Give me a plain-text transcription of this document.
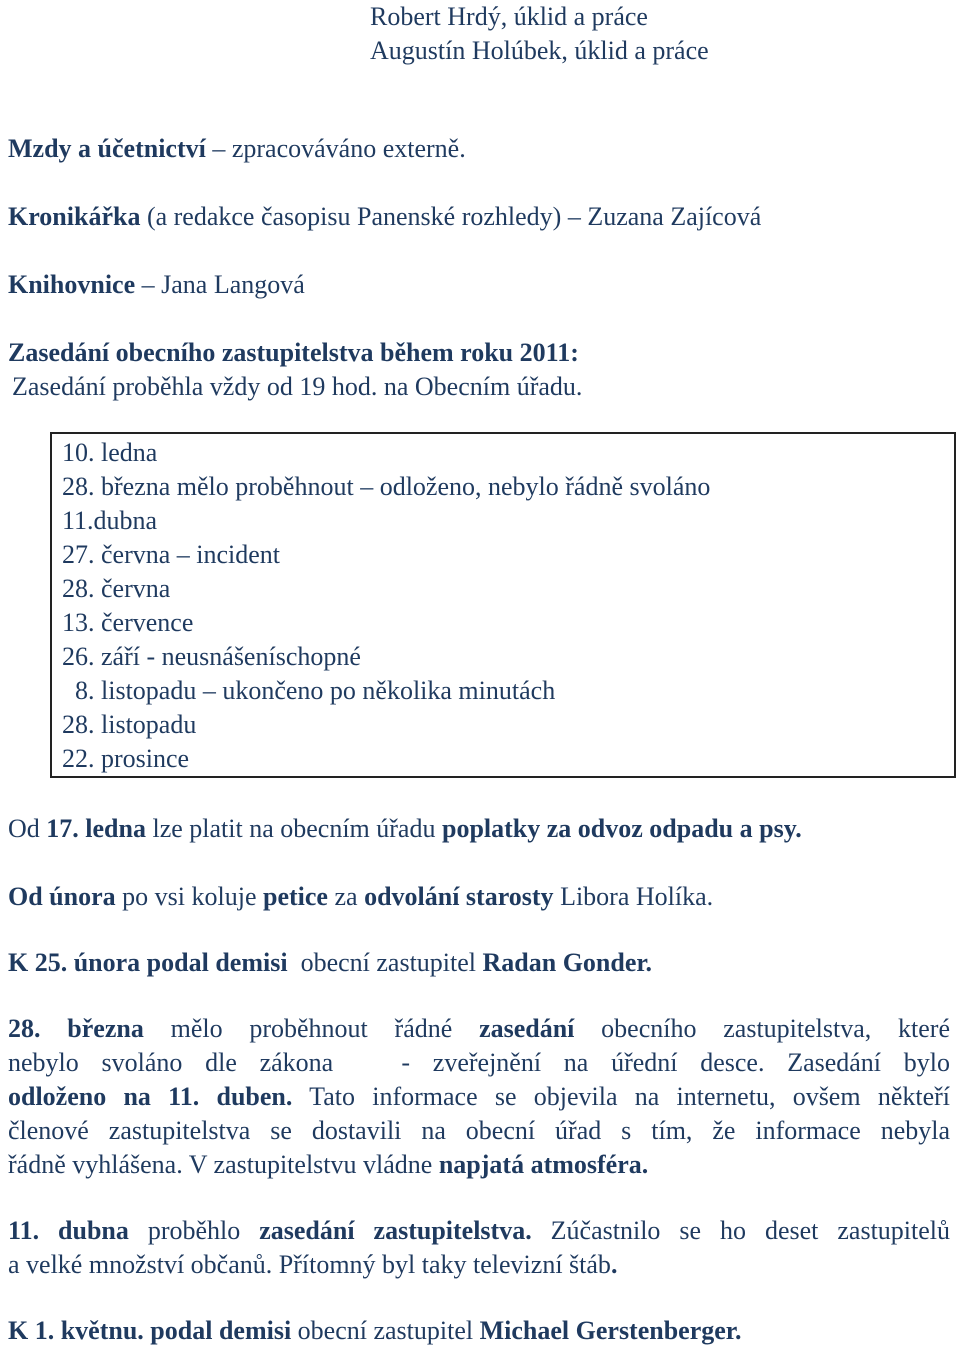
Robert Hrdý, úklid a práce
Augustín Holúbek, úklid a práce
Mzdy a účetnictví – zpracováváno externě.
Kronikářka (a redakce časopisu Panenské rozhledy) – Zuzana Zajícová
Knihovnice – Jana Langová
Zasedání obecního zastupitelstva během roku 2011:
Zasedání proběhla vždy od 19 hod. na Obecním úřadu.
10. ledna
28. března mělo proběhnout – odloženo, nebylo řádně svoláno
11.dubna
27. června – incident
28. června
13. července
26. září - neusnášeníschopné
8. listopadu – ukončeno po několika minutách
28. listopadu
22. prosince
Od 17. ledna lze platit na obecním úřadu poplatky za odvoz odpadu a psy.
Od února po vsi koluje petice za odvolání starosty Libora Holíka.
K 25. února podal demisi  obecní zastupitel Radan Gonder.
28. března mělo proběhnout řádné zasedání obecního zastupitelstva, které
nebylo svoláno dle zákona   - zveřejnění na úřední desce. Zasedání bylo
odloženo na 11. duben. Tato informace se objevila na internetu, ovšem někteří
členové zastupitelstva se dostavili na obecní úřad s tím, že informace nebyla
řádně vyhlášena. V zastupitelstvu vládne napjatá atmosféra.
11. dubna proběhlo zasedání zastupitelstva. Zúčastnilo se ho deset zastupitelů
a velké množství občanů. Přítomný byl taky televizní štáb.
K 1. květnu. podal demisi obecní zastupitel Michael Gerstenberger.
